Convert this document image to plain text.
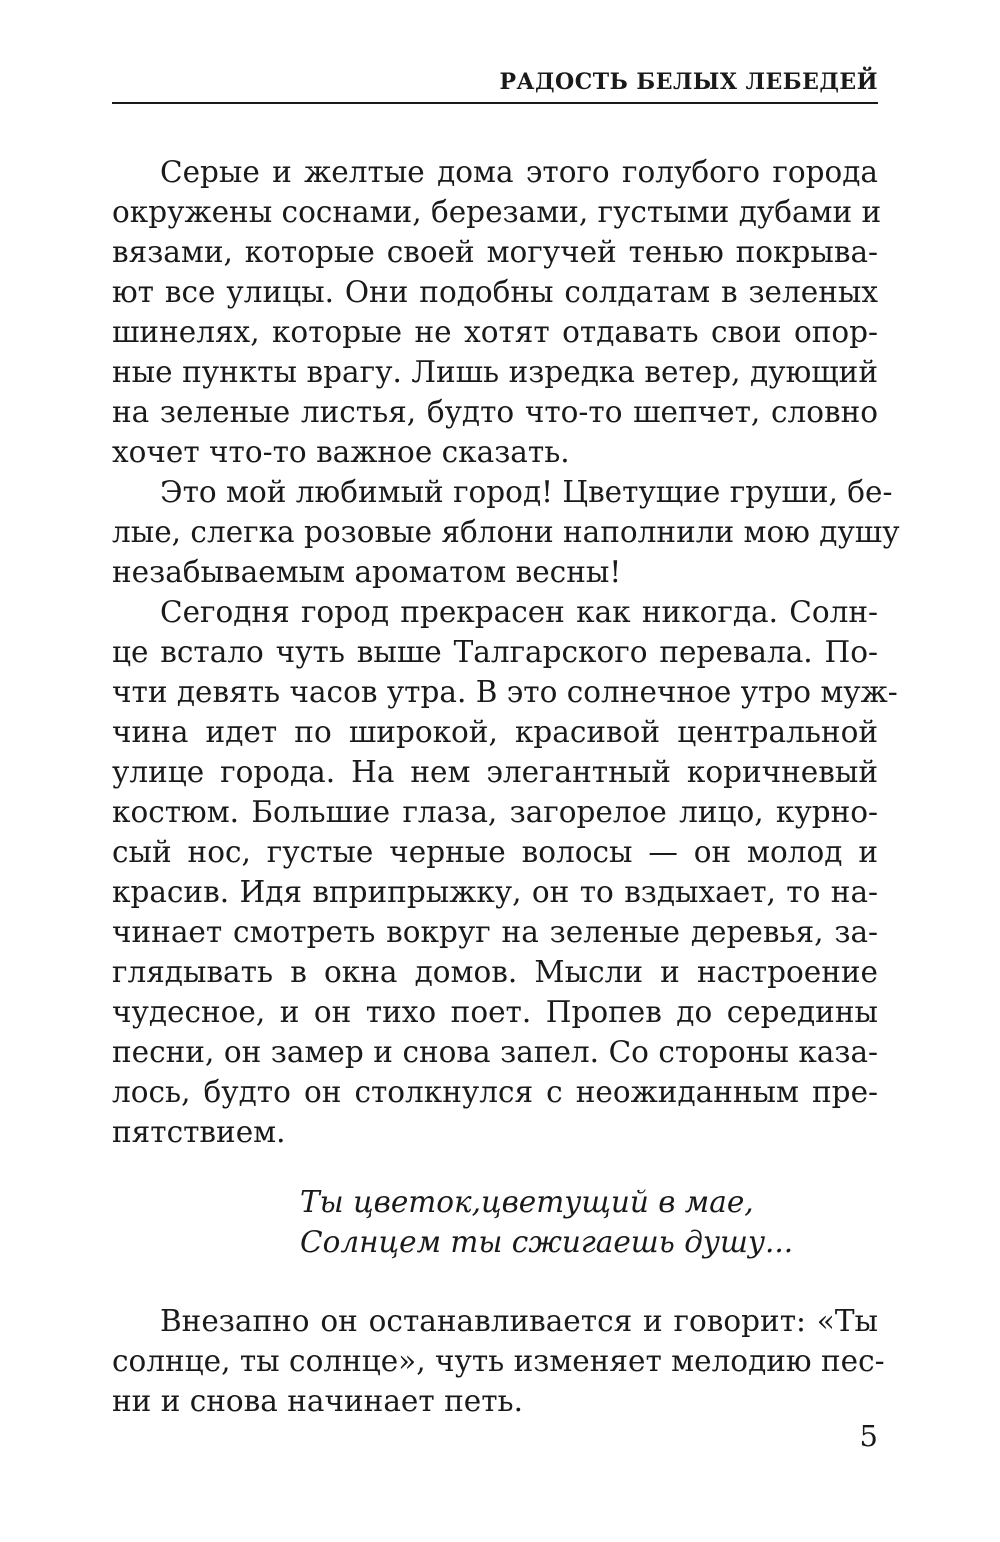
РАДОСТЬ БЕЛЫХ ЛЕБЕДЕЙ
Серые и желтые дома этого голубого города
окружены соснами, березами, густыми дубами и
вязами, которые своей могучей тенью покрыва-
ют все улицы. Они подобны солдатам в зеленых
шинелях, которые не хотят отдавать свои опор-
ные пункты врагу. Лишь изредка ветер, дующий
на зеленые листья, будто что-то шепчет, словно
хочет что-то важное сказать.
Это мой любимый город! Цветущие груши, бе-
лые, слегка розовые яблони наполнили мою душу
незабываемым ароматом весны!
Сегодня город прекрасен как никогда. Солн-
це встало чуть выше Талгарского перевала. По-
чти девять часов утра. В это солнечное утро муж-
чина идет по широкой, красивой центральной
улице города. На нем элегантный коричневый
костюм. Большие глаза, загорелое лицо, курно-
сый нос, густые черные волосы — он молод и
красив. Идя вприпрыжку, он то вздыхает, то на-
чинает смотреть вокруг на зеленые деревья, за-
глядывать в окна домов. Мысли и настроение
чудесное, и он тихо поет. Пропев до середины
песни, он замер и снова запел. Со стороны каза-
лось, будто он столкнулся с неожиданным пре-
пятствием.
Ты цветок,цветущий в мае,
Солнцем ты сжигаешь душу...
Внезапно он останавливается и говорит: «Ты
солнце, ты солнце», чуть изменяет мелодию пес-
ни и снова начинает петь.
5
